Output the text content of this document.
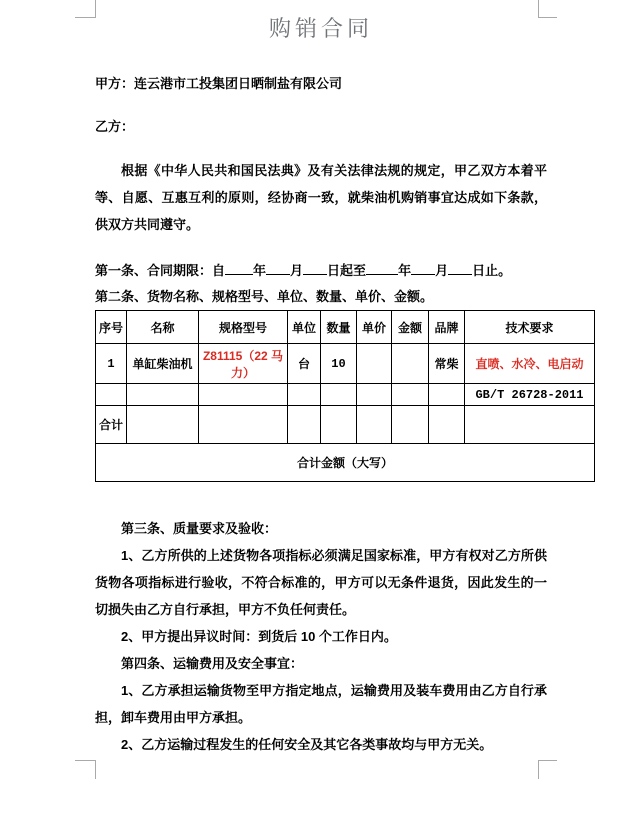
购销合同

甲方：连云港市工投集团日晒制盐有限公司

乙方：

根据《中华人民共和国民法典》及有关法律法规的规定，甲乙双方本着平等、自愿、互惠互利的原则，经协商一致，就柴油机购销事宜达成如下条款，供双方共同遵守。

第一条、合同期限：自 年 月 日起至 年 月 日止。

第二条、货物名称、规格型号、单位、数量、单价、金额。

序号	名称	规格型号	单位	数量	单价	金额	品牌	技术要求
1	单缸柴油机	Z81115（22 马力）	台	10			常柴	直喷、水冷、电启动
								GB/T 26728-2011
合计								
合计金额（大写）								

第三条、质量要求及验收：

1、乙方所供的上述货物各项指标必须满足国家标准，甲方有权对乙方所供货物各项指标进行验收，不符合标准的，甲方可以无条件退货，因此发生的一切损失由乙方自行承担，甲方不负任何责任。

2、甲方提出异议时间：到货后 10 个工作日内。

第四条、运输费用及安全事宜：

1、乙方承担运输货物至甲方指定地点，运输费用及装车费用由乙方自行承担，卸车费用由甲方承担。

2、乙方运输过程发生的任何安全及其它各类事故均与甲方无关。
